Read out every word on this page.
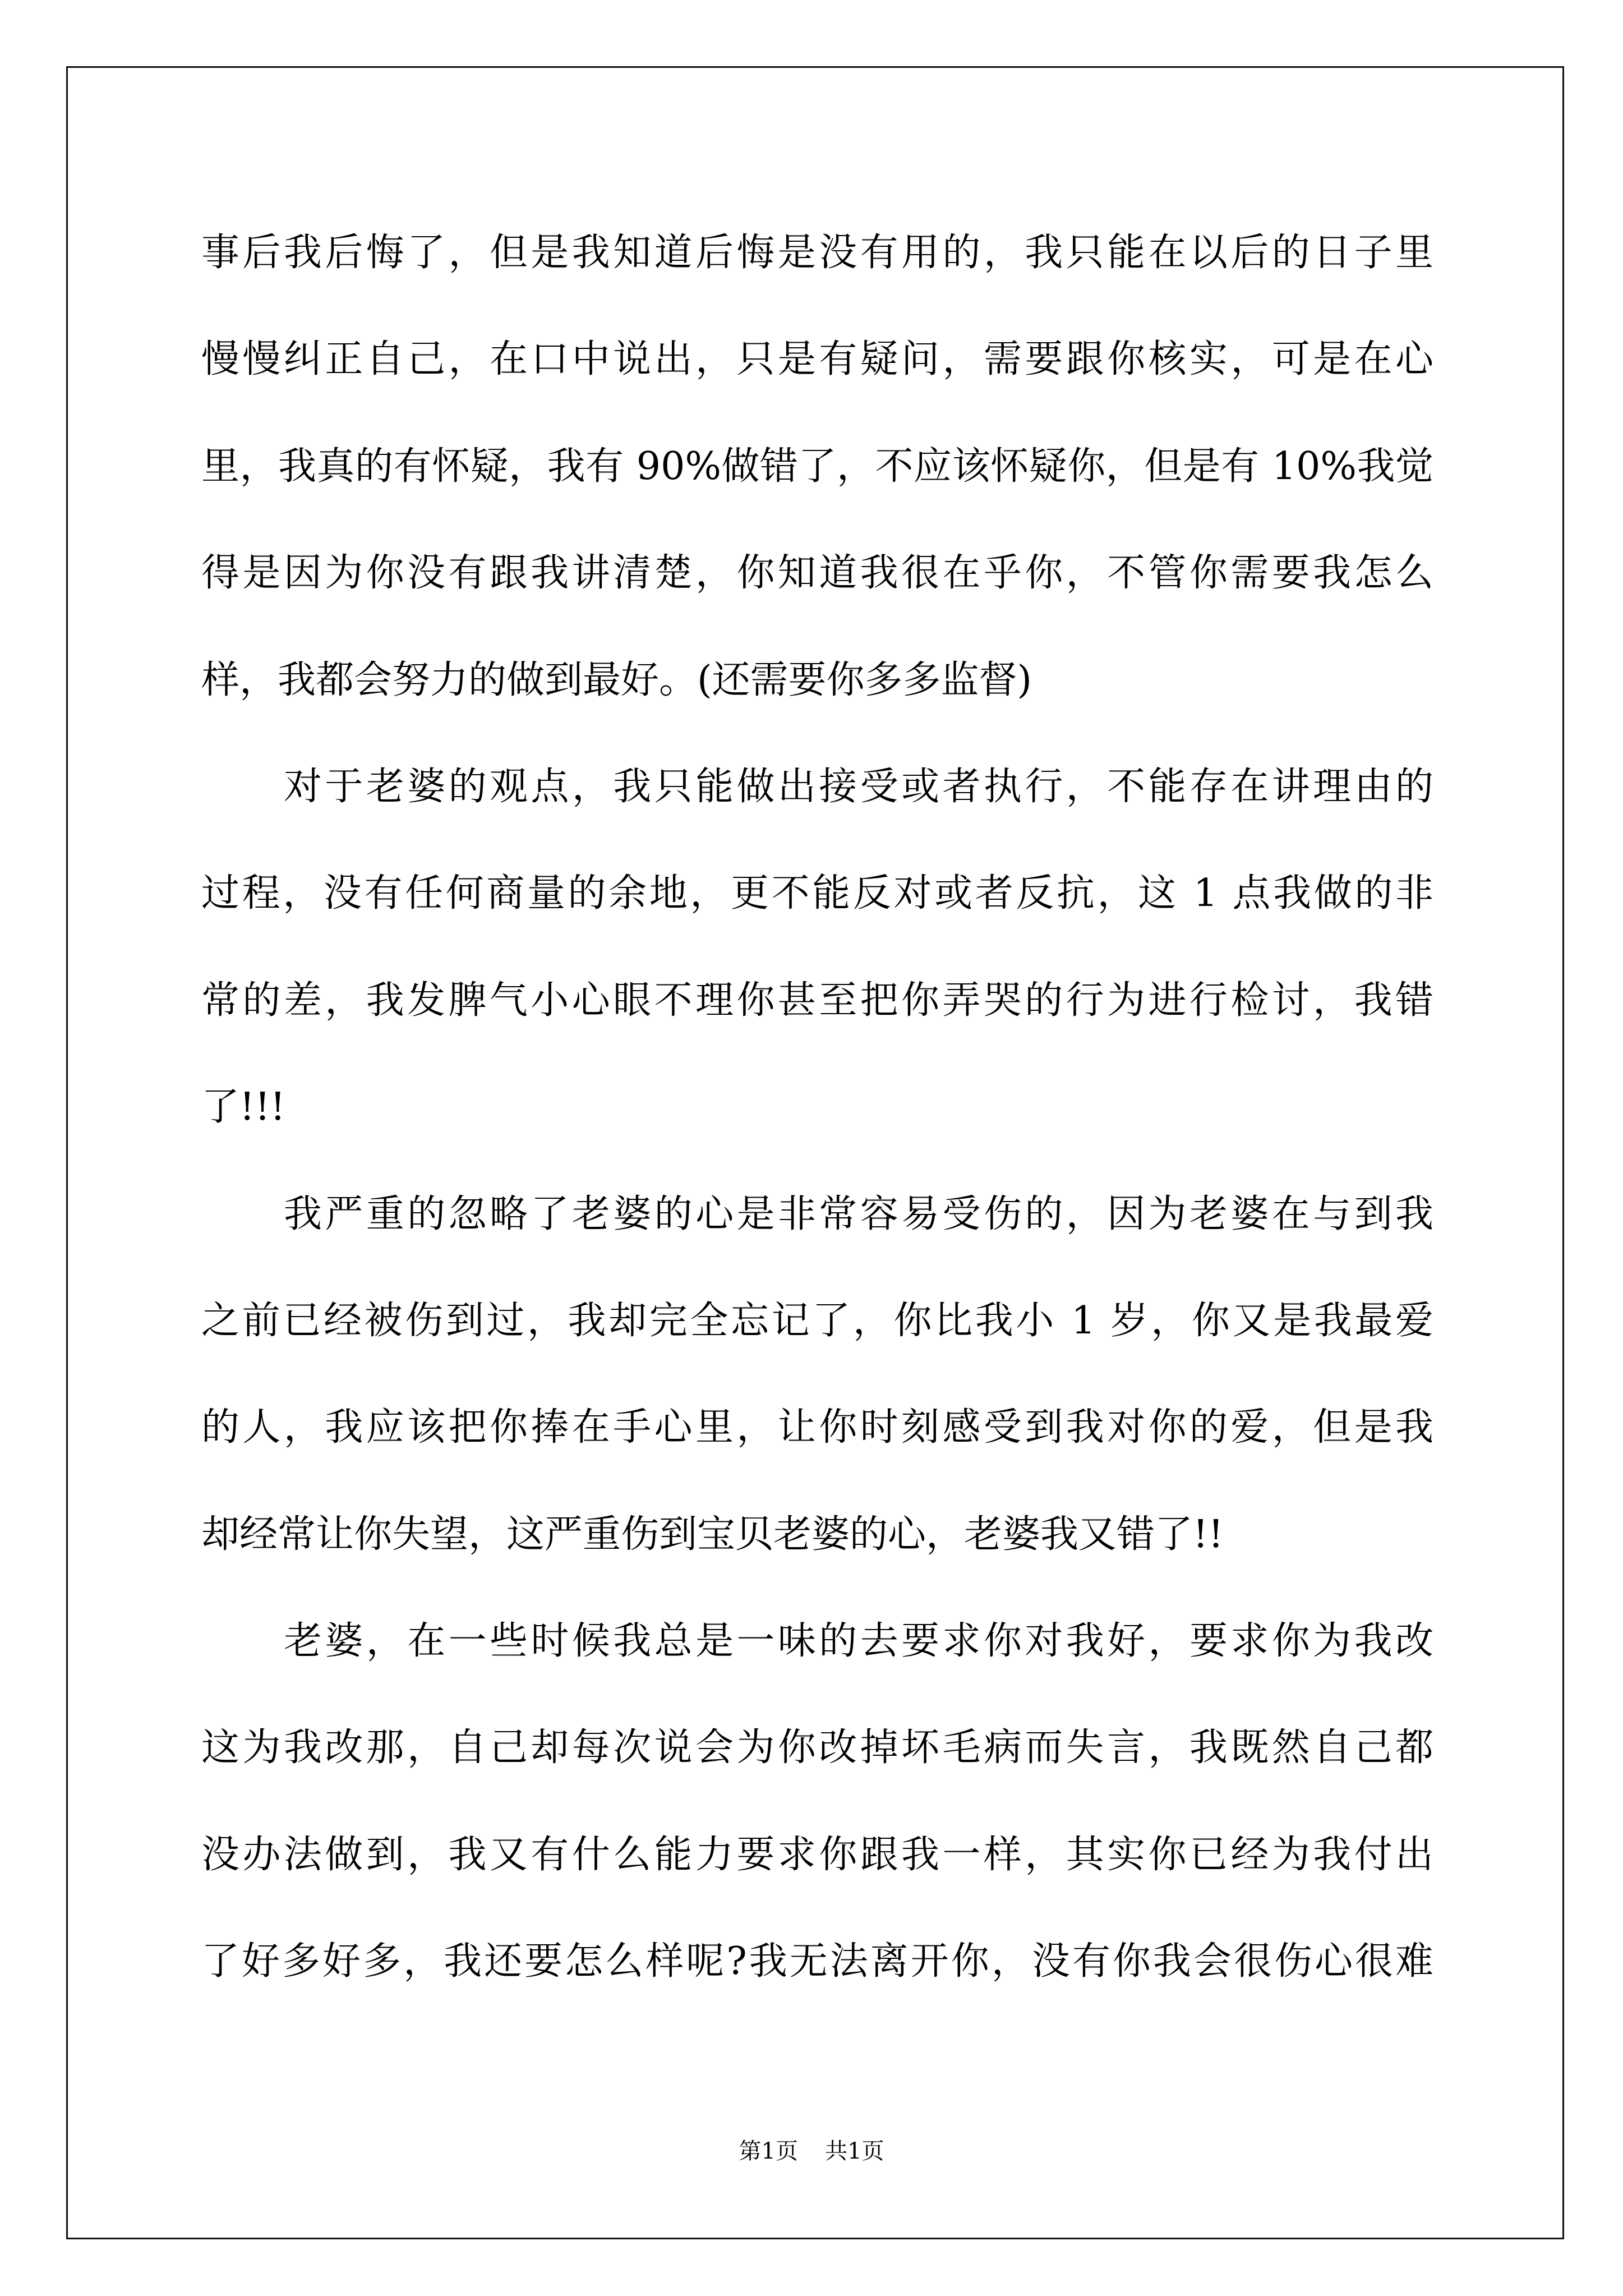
事后我后悔了，但是我知道后悔是没有用的，我只能在以后的日子里
慢慢纠正自己，在口中说出，只是有疑问，需要跟你核实，可是在心
里，我真的有怀疑，我有 90%做错了，不应该怀疑你，但是有 10%我觉
得是因为你没有跟我讲清楚，你知道我很在乎你，不管你需要我怎么
样，我都会努力的做到最好。(还需要你多多监督)
对于老婆的观点，我只能做出接受或者执行，不能存在讲理由的
过程，没有任何商量的余地，更不能反对或者反抗，这 1 点我做的非
常的差，我发脾气小心眼不理你甚至把你弄哭的行为进行检讨，我错
了!!!
我严重的忽略了老婆的心是非常容易受伤的，因为老婆在与到我
之前已经被伤到过，我却完全忘记了，你比我小 1 岁，你又是我最爱
的人，我应该把你捧在手心里，让你时刻感受到我对你的爱，但是我
却经常让你失望，这严重伤到宝贝老婆的心，老婆我又错了!!
老婆，在一些时候我总是一味的去要求你对我好，要求你为我改
这为我改那，自己却每次说会为你改掉坏毛病而失言，我既然自己都
没办法做到，我又有什么能力要求你跟我一样，其实你已经为我付出
了好多好多，我还要怎么样呢?我无法离开你，没有你我会很伤心很难
第1页 共1页
